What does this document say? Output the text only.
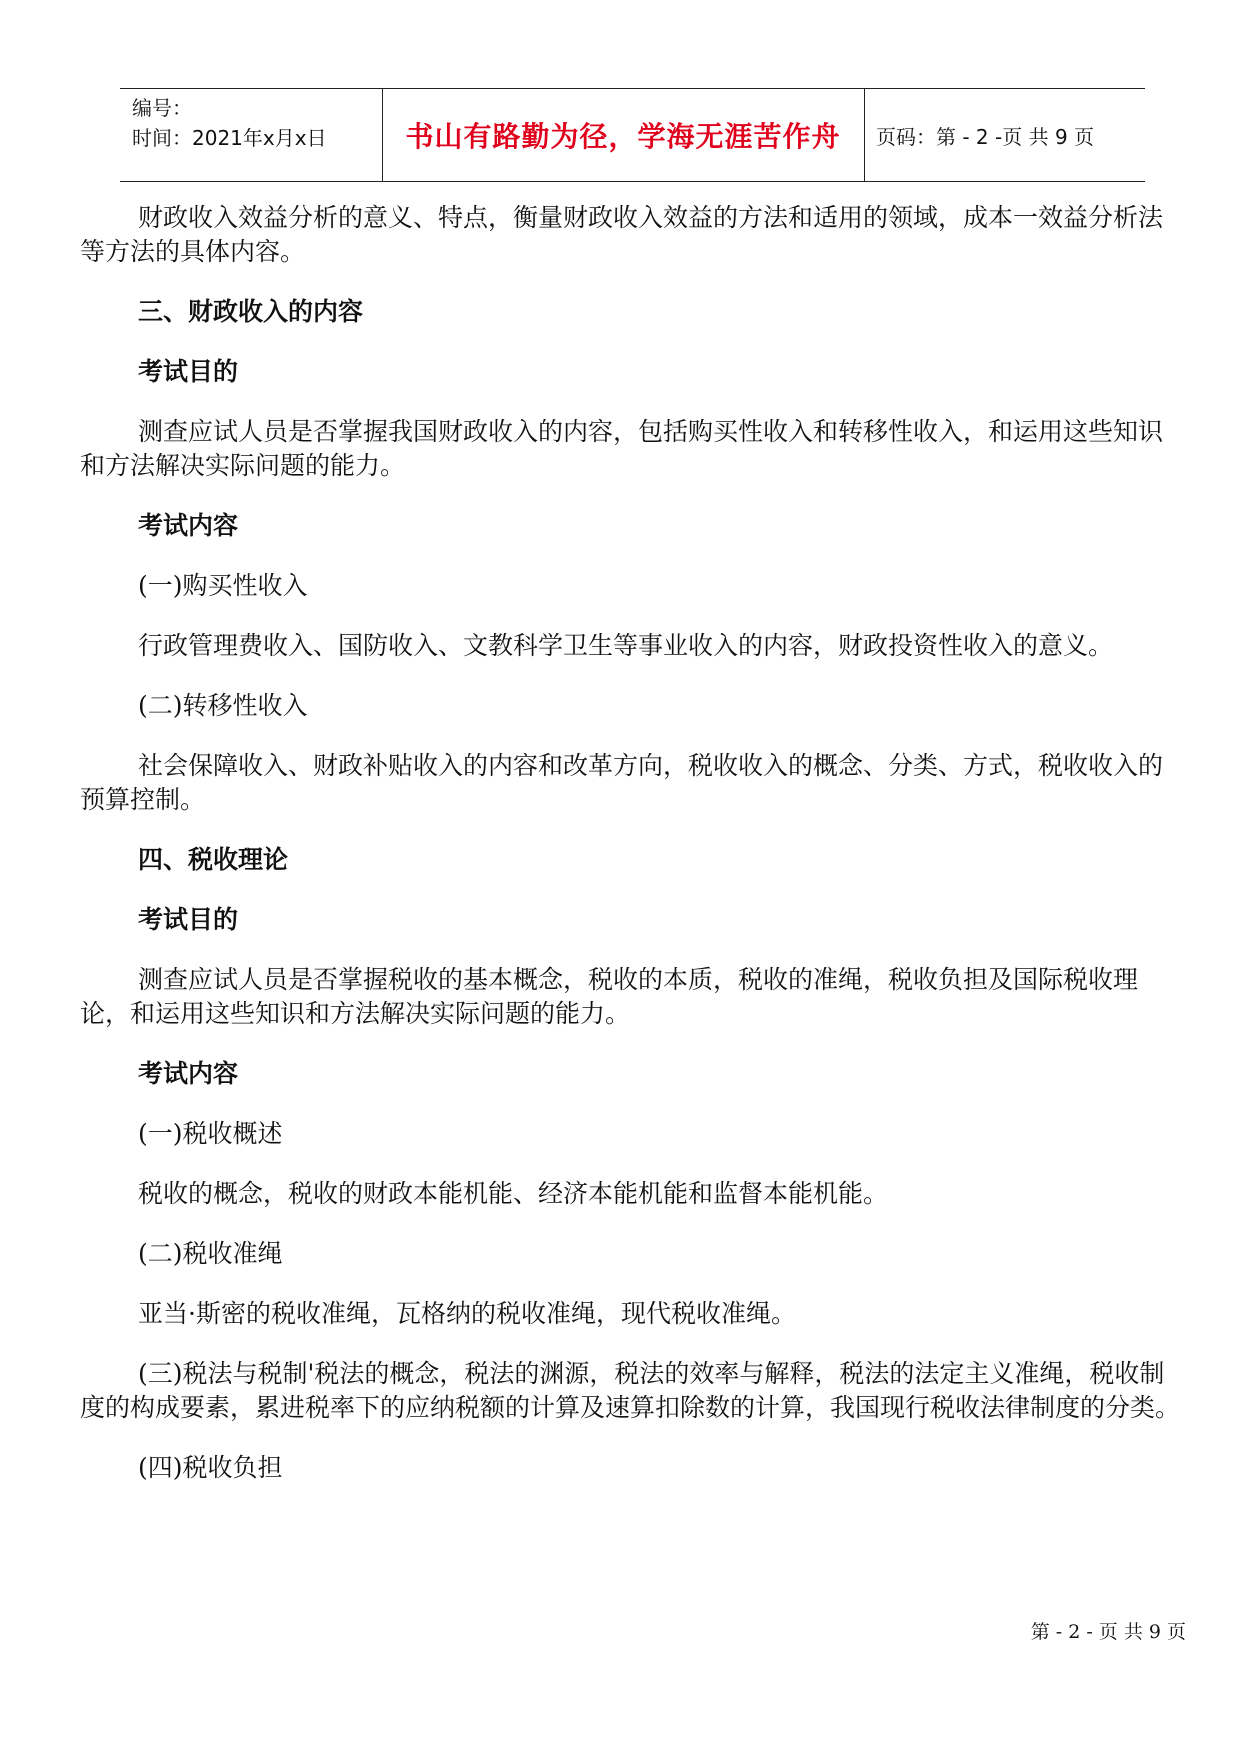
编号：
时间：2021年x月x日	书山有路勤为径，学海无涯苦作舟	页码：第 - 2 -页 共 9 页

财政收入效益分析的意义、特点，衡量财政收入效益的方法和适用的领域，成本一效益分析法等方法的具体内容。

三、财政收入的内容

考试目的

测查应试人员是否掌握我国财政收入的内容，包括购买性收入和转移性收入，和运用这些知识和方法解决实际问题的能力。

考试内容

(一)购买性收入

行政管理费收入、国防收入、文教科学卫生等事业收入的内容，财政投资性收入的意义。

(二)转移性收入

社会保障收入、财政补贴收入的内容和改革方向，税收收入的概念、分类、方式，税收收入的预算控制。

四、税收理论

考试目的

测查应试人员是否掌握税收的基本概念，税收的本质，税收的准绳，税收负担及国际税收理论，和运用这些知识和方法解决实际问题的能力。

考试内容

(一)税收概述

税收的概念，税收的财政本能机能、经济本能机能和监督本能机能。

(二)税收准绳

亚当·斯密的税收准绳，瓦格纳的税收准绳，现代税收准绳。

(三)税法与税制'税法的概念，税法的渊源，税法的效率与解释，税法的法定主义准绳，税收制度的构成要素，累进税率下的应纳税额的计算及速算扣除数的计算，我国现行税收法律制度的分类。

(四)税收负担

第 - 2 - 页 共 9 页
